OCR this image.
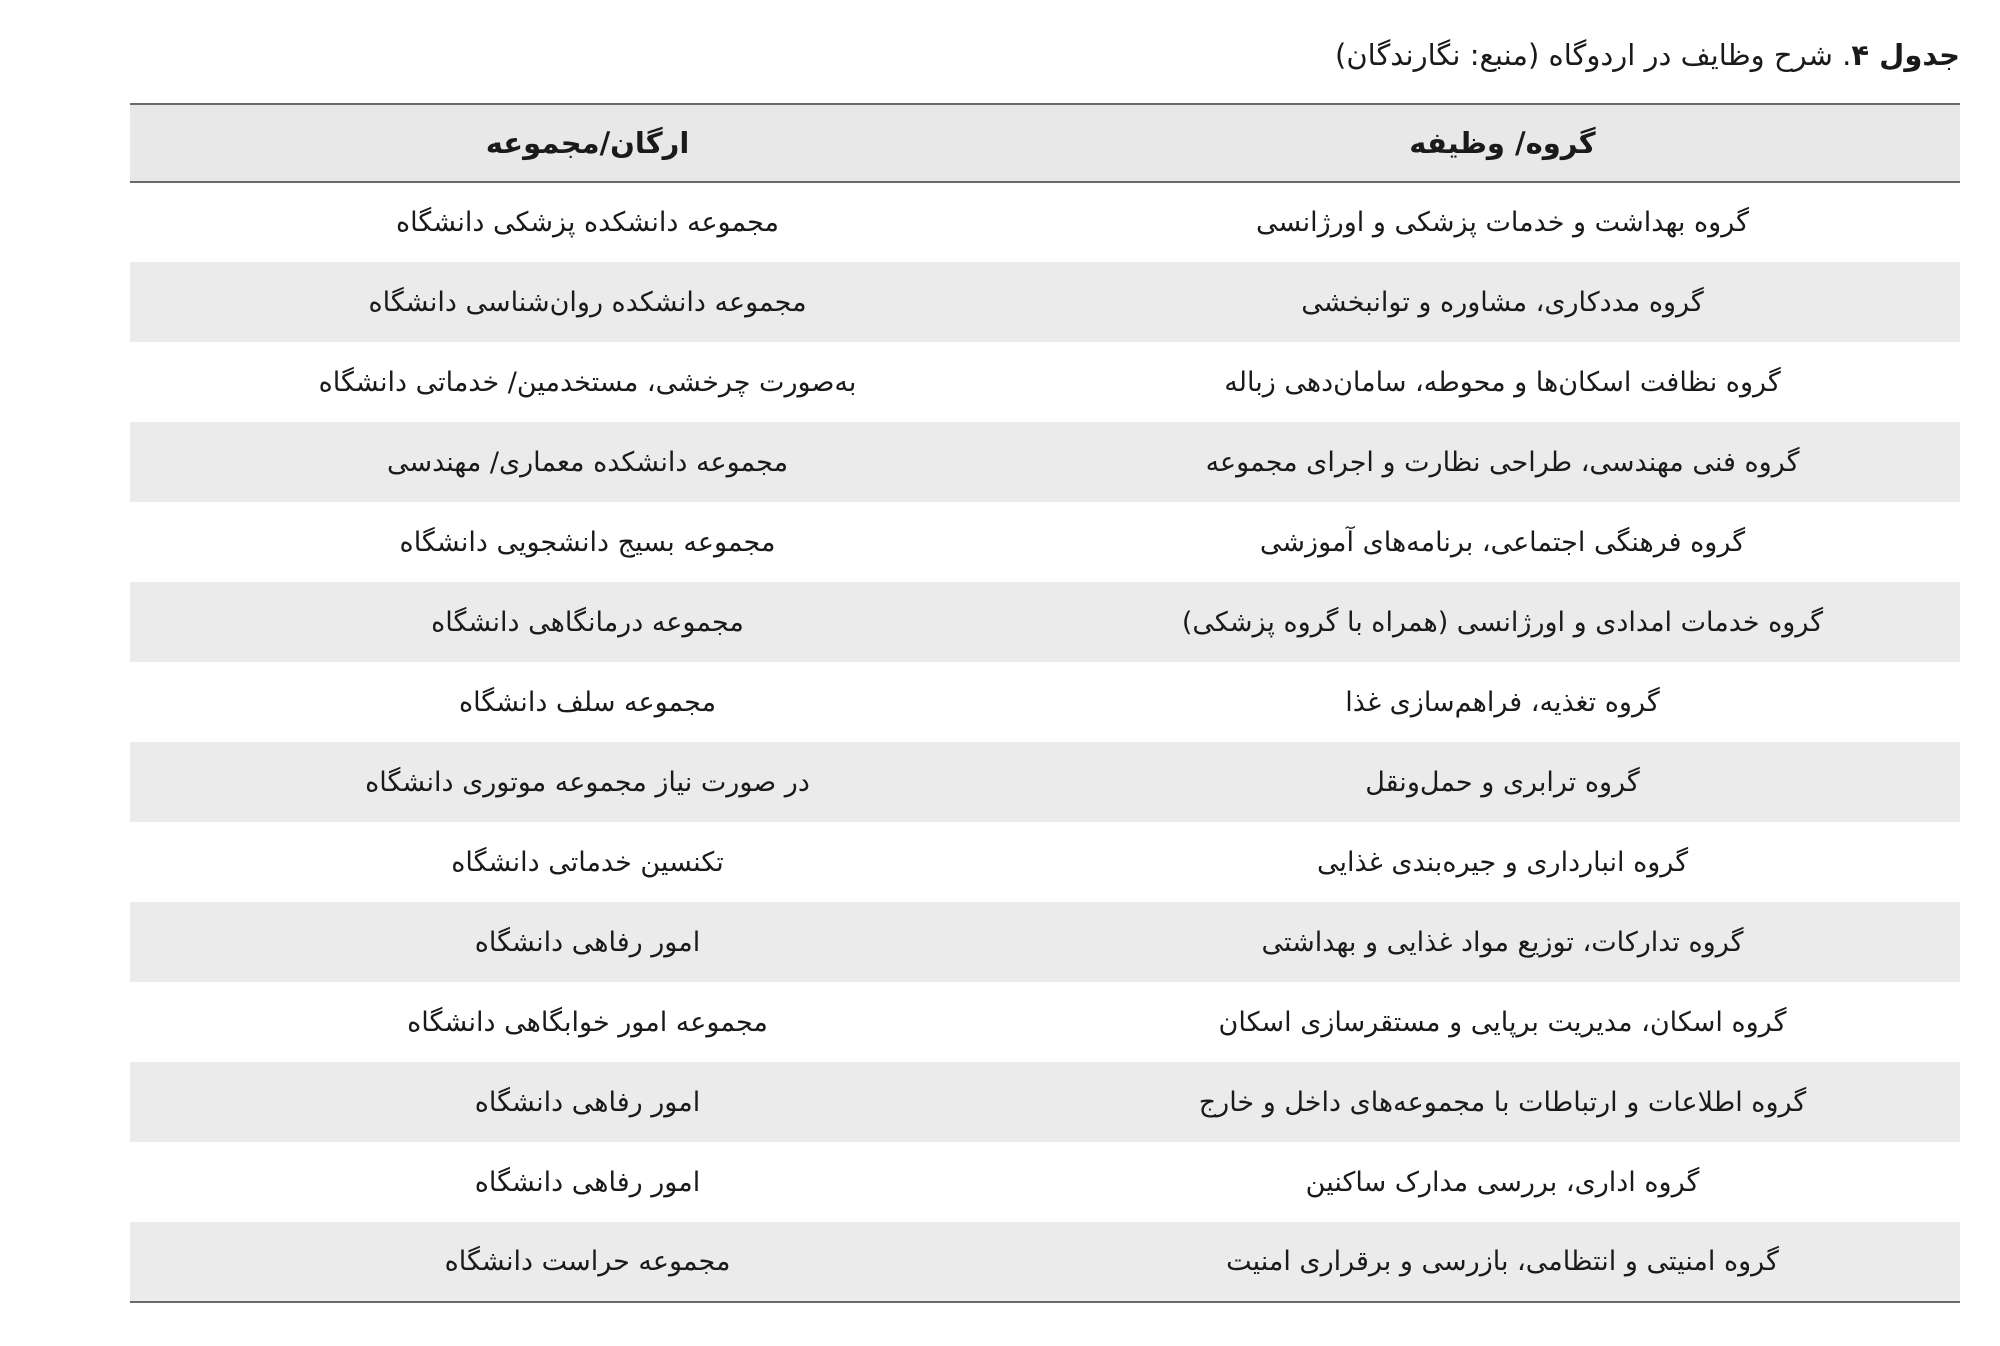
جدول ۴. شرح وظایف در اردوگاه (منبع: نگارندگان)
گروه/ وظیفه	ارگان/مجموعه
گروه بهداشت و خدمات پزشکی و اورژانسی	مجموعه دانشکده پزشکی دانشگاه
گروه مددکاری، مشاوره و توانبخشی	مجموعه دانشکده روان‌شناسی دانشگاه
گروه نظافت اسکان‌ها و محوطه، سامان‌دهی زباله	به‌صورت چرخشی، مستخدمین/ خدماتی دانشگاه
گروه فنی مهندسی، طراحی نظارت و اجرای مجموعه	مجموعه دانشکده معماری/ مهندسی
گروه فرهنگی اجتماعی، برنامه‌های آموزشی	مجموعه بسیج دانشجویی دانشگاه
گروه خدمات امدادی و اورژانسی (همراه با گروه پزشکی)	مجموعه درمانگاهی دانشگاه
گروه تغذیه، فراهم‌سازی غذا	مجموعه سلف دانشگاه
گروه ترابری و حمل‌ونقل	در صورت نیاز مجموعه موتوری دانشگاه
گروه انبارداری و جیره‌بندی غذایی	تکنسین خدماتی دانشگاه
گروه تدارکات، توزیع مواد غذایی و بهداشتی	امور رفاهی دانشگاه
گروه اسکان، مدیریت برپایی و مستقرسازی اسکان	مجموعه امور خوابگاهی دانشگاه
گروه اطلاعات و ارتباطات با مجموعه‌های داخل و خارج	امور رفاهی دانشگاه
گروه اداری، بررسی مدارک ساکنین	امور رفاهی دانشگاه
گروه امنیتی و انتظامی، بازرسی و برقراری امنیت	مجموعه حراست دانشگاه
